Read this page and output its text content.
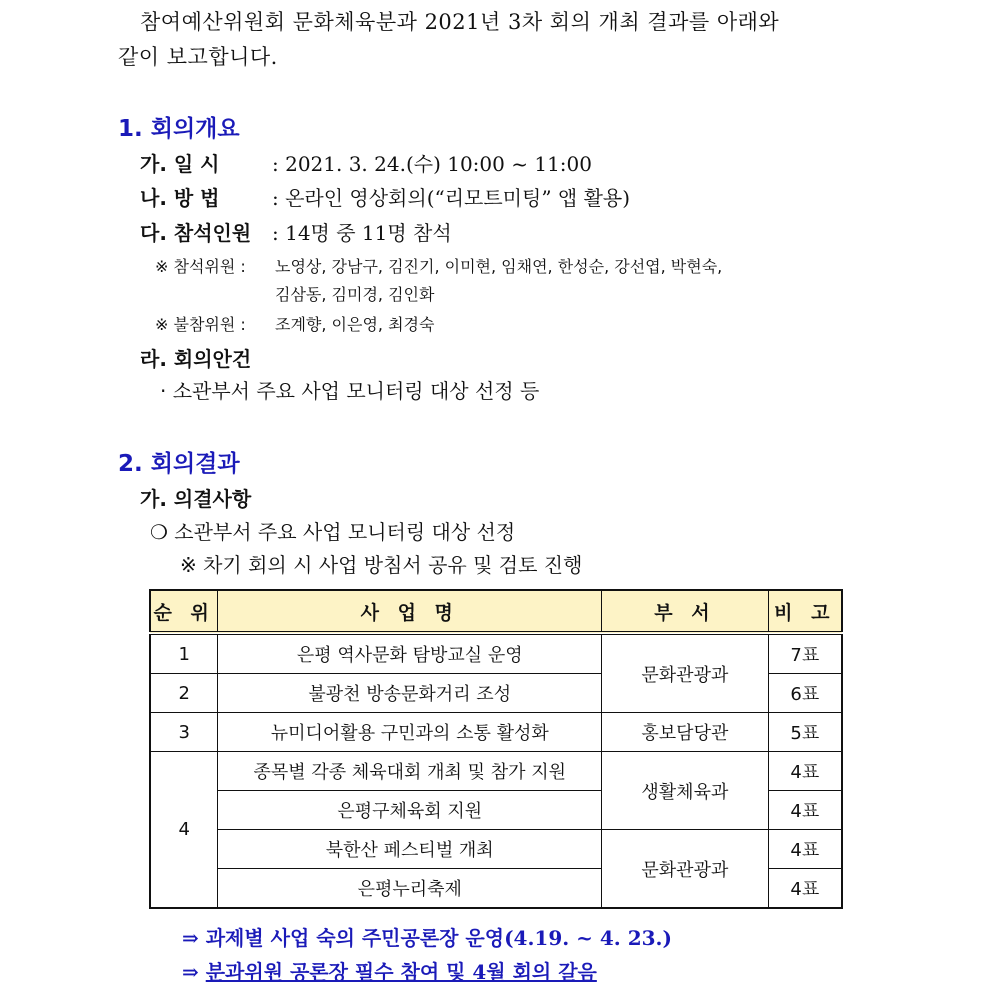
참여예산위원회 문화체육분과 2021년 3차 회의 개최 결과를 아래와
같이 보고합니다.
1. 회의개요
가. 일 시	: 2021. 3. 24.(수) 10:00 ~ 11:00
나. 방 법	: 온라인 영상회의(“리모트미팅” 앱 활용)
다. 참석인원 : 14명 중 11명 참석
※ 참석위원 : 노영상, 강남구, 김진기, 이미현, 임채연, 한성순, 강선엽, 박현숙,
김삼동, 김미경, 김인화
※ 불참위원 : 조계향, 이은영, 최경숙
라. 회의안건
· 소관부서 주요 사업 모니터링 대상 선정 등
2. 회의결과
가. 의결사항
❍ 소관부서 주요 사업 모니터링 대상 선정
※ 차기 회의 시 사업 방침서 공유 및 검토 진행
순 위	사 업 명	부 서	비 고
1	은평 역사문화 탐방교실 운영	문화관광과	7표
2	불광천 방송문화거리 조성		6표
3	뉴미디어활용 구민과의 소통 활성화	홍보담당관	5표
4	종목별 각종 체육대회 개최 및 참가 지원	생활체육과	4표
	은평구체육회 지원		4표
	북한산 페스티벌 개최	문화관광과	4표
	은평누리축제		4표
⇒ 과제별 사업 숙의 주민공론장 운영(4.19. ~ 4. 23.)
⇒ 분과위원 공론장 필수 참여 및 4월 회의 갈음
